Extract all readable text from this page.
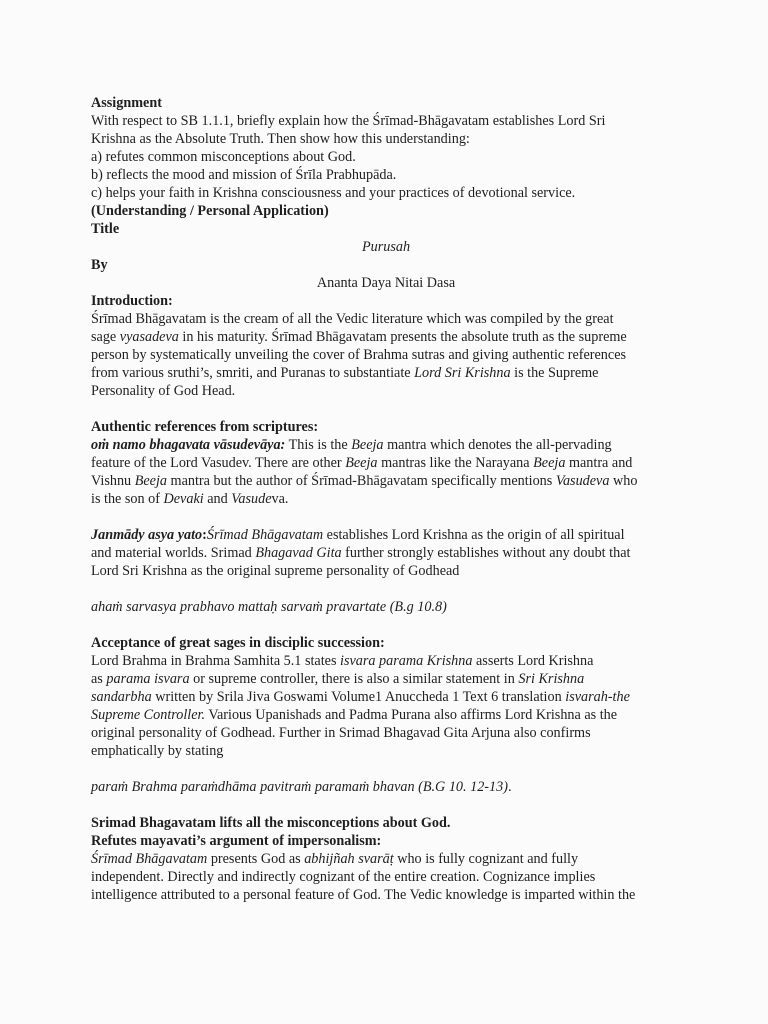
Assignment
With respect to SB 1.1.1, briefly explain how the Śrīmad-Bhāgavatam establishes Lord Sri
Krishna as the Absolute Truth. Then show how this understanding:
a) refutes common misconceptions about God.
b) reflects the mood and mission of Śrīla Prabhupāda.
c) helps your faith in Krishna consciousness and your practices of devotional service.
(Understanding / Personal Application)
Title
Purusah
By
Ananta Daya Nitai Dasa
Introduction:
Śrīmad Bhāgavatam is the cream of all the Vedic literature which was compiled by the great
sage vyasadeva in his maturity. Śrīmad Bhāgavatam presents the absolute truth as the supreme
person by systematically unveiling the cover of Brahma sutras and giving authentic references
from various sruthi’s, smriti, and Puranas to substantiate Lord Sri Krishna is the Supreme
Personality of God Head.
Authentic references from scriptures:
oṁ namo bhagavata vāsudevāya: This is the Beeja mantra which denotes the all-pervading
feature of the Lord Vasudev. There are other Beeja mantras like the Narayana Beeja mantra and
Vishnu Beeja mantra but the author of Śrīmad-Bhāgavatam specifically mentions Vasudeva who
is the son of Devaki and Vasudeva.
Janmādy asya yato:Śrīmad Bhāgavatam establishes Lord Krishna as the origin of all spiritual
and material worlds. Srimad Bhagavad Gita further strongly establishes without any doubt that
Lord Sri Krishna as the original supreme personality of Godhead
ahaṁ sarvasya prabhavo mattaḥ sarvaṁ pravartate (B.g 10.8)
Acceptance of great sages in disciplic succession:
Lord Brahma in Brahma Samhita 5.1 states isvara parama Krishna asserts Lord Krishna
as parama isvara or supreme controller, there is also a similar statement in Sri Krishna
sandarbha written by Srila Jiva Goswami Volume1 Anuccheda 1 Text 6 translation isvarah-the
Supreme Controller. Various Upanishads and Padma Purana also affirms Lord Krishna as the
original personality of Godhead. Further in Srimad Bhagavad Gita Arjuna also confirms
emphatically by stating
paraṁ Brahma paraṁdhāma pavitraṁ paramaṁ bhavan (B.G 10. 12-13).
Srimad Bhagavatam lifts all the misconceptions about God.
Refutes mayavati’s argument of impersonalism:
Śrīmad Bhāgavatam presents God as abhijñah svarāṭ who is fully cognizant and fully
independent. Directly and indirectly cognizant of the entire creation. Cognizance implies
intelligence attributed to a personal feature of God. The Vedic knowledge is imparted within the
